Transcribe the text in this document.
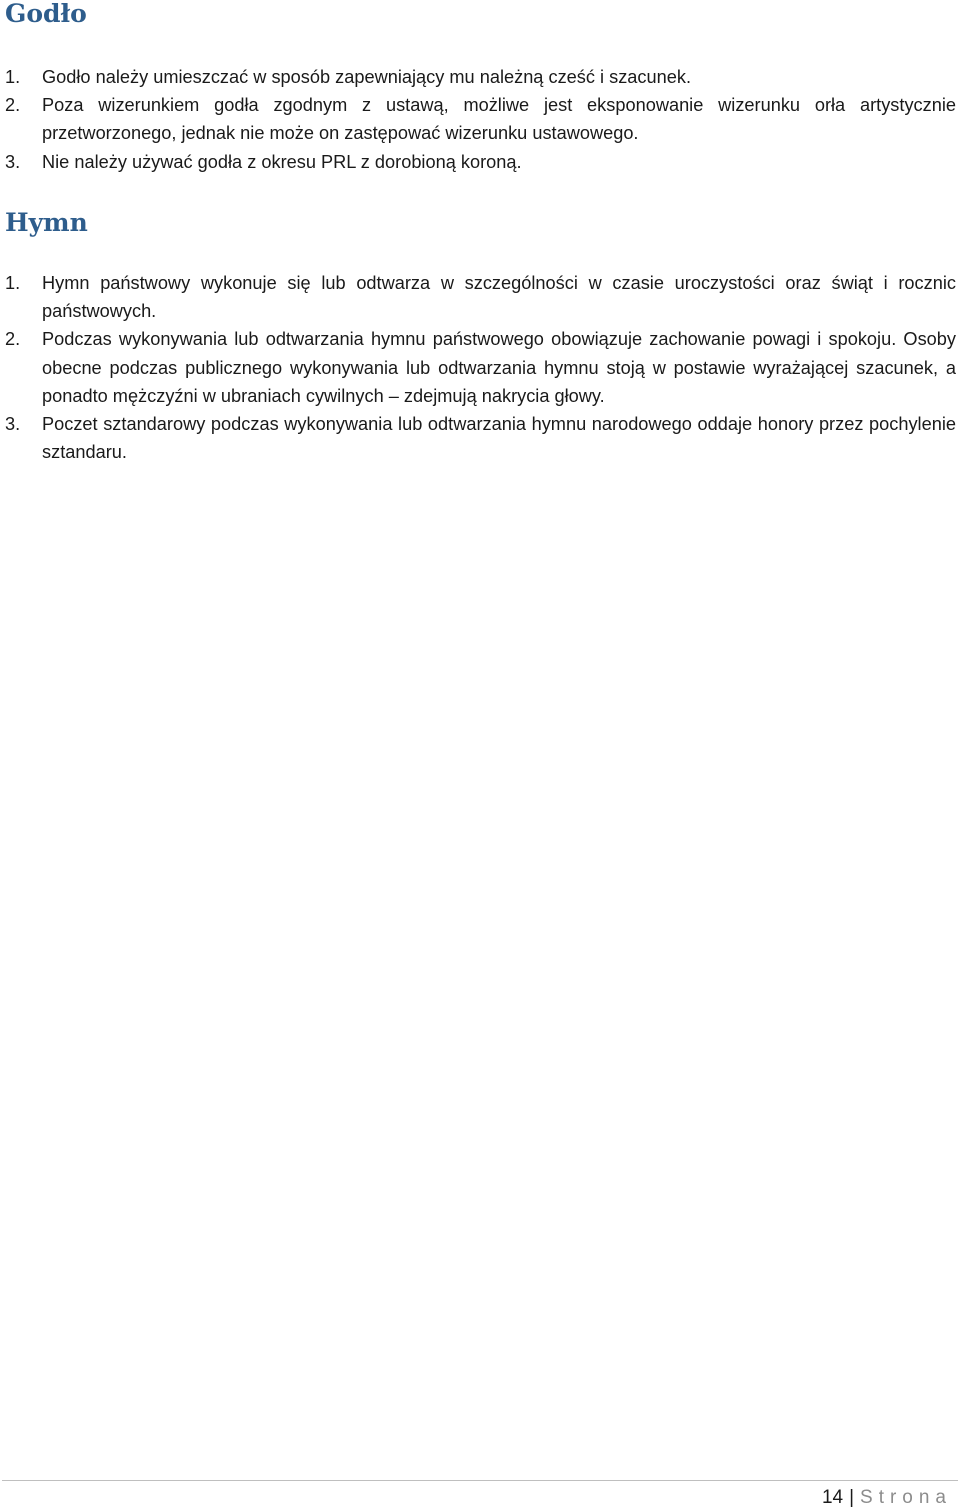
Godło
1.	Godło należy umieszczać w sposób zapewniający mu należną cześć i szacunek.
2.	Poza wizerunkiem godła zgodnym z ustawą, możliwe jest eksponowanie wizerunku orła artystycznie przetworzonego, jednak nie może on zastępować wizerunku ustawowego.
3.	Nie należy używać godła z okresu PRL z dorobioną koroną.
Hymn
1.	Hymn państwowy wykonuje się lub odtwarza w szczególności w czasie uroczystości oraz świąt i rocznic państwowych.
2.	Podczas wykonywania lub odtwarzania hymnu państwowego obowiązuje zachowanie powagi i spokoju. Osoby obecne podczas publicznego wykonywania lub odtwarzania hymnu stoją w postawie wyrażającej szacunek, a ponadto mężczyźni w ubraniach cywilnych – zdejmują nakrycia głowy.
3.	Poczet sztandarowy podczas wykonywania lub odtwarzania hymnu narodowego oddaje honory przez pochylenie sztandaru.
14 | Strona
